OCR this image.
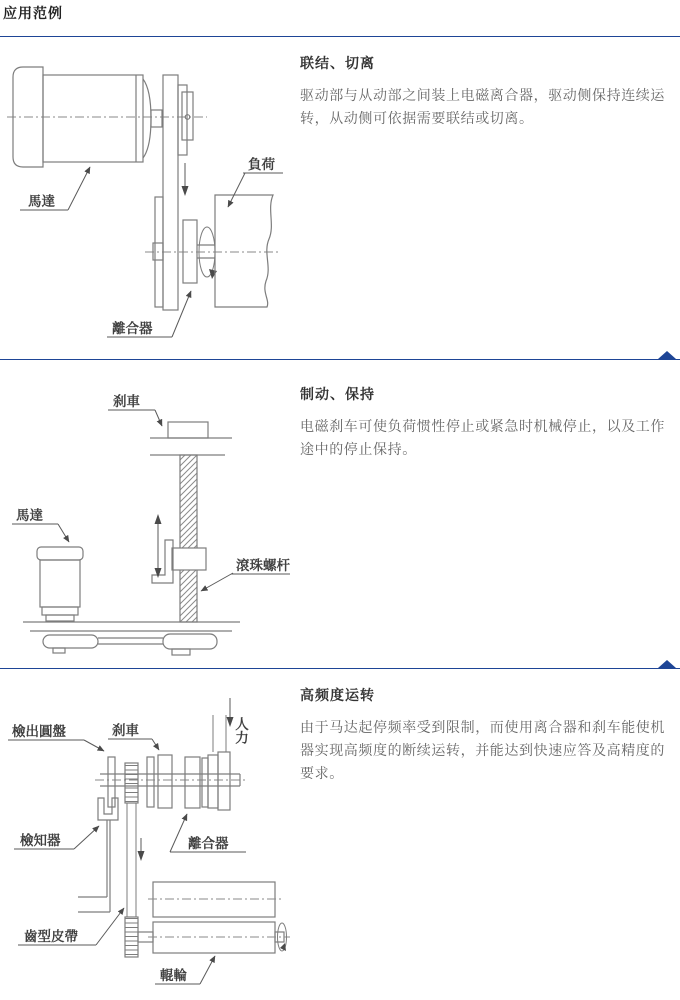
应用范例
馬達
負荷
離合器
联结、切离
驱动部与从动部之间装上电磁离合器，驱动侧保持连续运
转，从动侧可依据需要联结或切离。
刹車
馬達
滾珠螺杆
制动、保持
电磁刹车可使负荷惯性停止或紧急时机械停止，以及工作
途中的停止保持。
檢出圓盤	刹車	人力
檢知器	離合器
齒型皮帶
輥輪
高频度运转
由于马达起停频率受到限制，而使用离合器和刹车能使机
器实现高频度的断续运转，并能达到快速应答及高精度的
要求。
